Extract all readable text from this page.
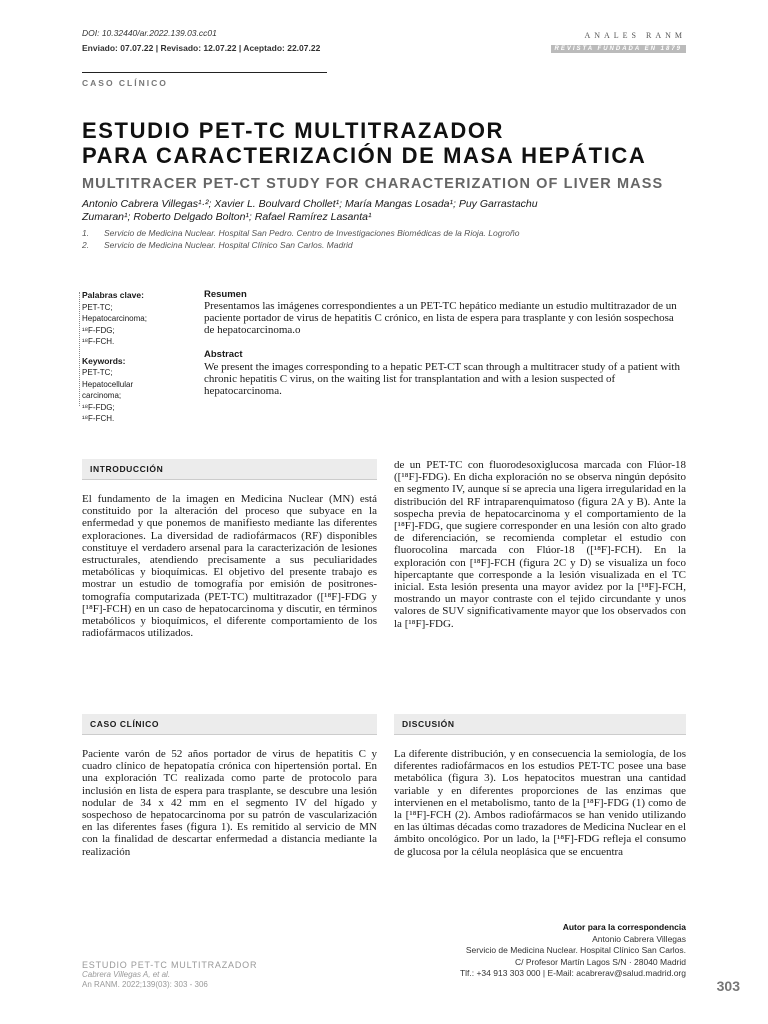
DOI: 10.32440/ar.2022.139.03.cc01
Enviado: 07.07.22 | Revisado: 12.07.22 | Aceptado: 22.07.22
ANALES RANM
REVISTA FUNDADA EN 1879
CASO CLÍNICO
ESTUDIO PET-TC MULTITRAZADOR
PARA CARACTERIZACIÓN DE MASA HEPÁTICA
MULTITRACER PET-CT STUDY FOR CHARACTERIZATION OF LIVER MASS
Antonio Cabrera Villegas¹·²; Xavier L. Boulvard Chollet¹; María Mangas Losada¹; Puy Garrastachu
Zumaran¹; Roberto Delgado Bolton¹; Rafael Ramírez Lasanta¹
1. Servicio de Medicina Nuclear. Hospital San Pedro. Centro de Investigaciones Biomédicas de la Rioja. Logroño
2. Servicio de Medicina Nuclear. Hospital Clínico San Carlos. Madrid
Palabras clave:
PET-TC;
Hepatocarcinoma;
¹⁸F-FDG;
¹⁸F-FCH.
Keywords:
PET-TC;
Hepatocellular
carcinoma;
¹⁸F-FDG;
¹⁸F-FCH.
Resumen
Presentamos las imágenes correspondientes a un PET-TC hepático mediante un estudio multitrazador de un paciente portador de virus de hepatitis C crónico, en lista de espera para trasplante y con lesión sospechosa de hepatocarcinoma.o
Abstract
We present the images corresponding to a hepatic PET-CT scan through a multitracer study of a patient with chronic hepatitis C virus, on the waiting list for transplantation and with a lesion suspected of hepatocarcinoma.
INTRODUCCIÓN
El fundamento de la imagen en Medicina Nuclear (MN) está constituido por la alteración del proceso que subyace en la enfermedad y que ponemos de manifiesto mediante las diferentes exploraciones. La diversidad de radiofármacos (RF) disponibles constituye el verdadero arsenal para la caracterización de lesiones estructurales, atendiendo precisamente a sus peculiaridades metabólicas y bioquímicas. El objetivo del presente trabajo es mostrar un estudio de tomografía por emisión de positrones-tomografía computarizada (PET-TC) multitrazador ([¹⁸F]-FDG y [¹⁸F]-FCH) en un caso de hepatocarcinoma y discutir, en términos metabólicos y bioquímicos, el diferente comportamiento de los radiofármacos utilizados.
de un PET-TC con fluorodesoxiglucosa marcada con Flúor-18 ([¹⁸F]-FDG). En dicha exploración no se observa ningún depósito en segmento IV, aunque sí se aprecia una ligera irregularidad en la distribución del RF intraparenquimatoso (figura 2A y B). Ante la sospecha previa de hepatocarcinoma y el comportamiento de la [¹⁸F]-FDG, que sugiere corresponder en una lesión con alto grado de diferenciación, se recomienda completar el estudio con fluorocolina marcada con Flúor-18 ([¹⁸F]-FCH). En la exploración con [¹⁸F]-FCH (figura 2C y D) se visualiza un foco hipercaptante que corresponde a la lesión visualizada en el TC inicial. Esta lesión presenta una mayor avidez por la [¹⁸F]-FCH, mostrando un mayor contraste con el tejido circundante y unos valores de SUV significativamente mayor que los observados con la [¹⁸F]-FDG.
CASO CLÍNICO
Paciente varón de 52 años portador de virus de hepatitis C y cuadro clínico de hepatopatía crónica con hipertensión portal. En una exploración TC realizada como parte de protocolo para inclusión en lista de espera para trasplante, se descubre una lesión nodular de 34 x 42 mm en el segmento IV del hígado y sospechoso de hepatocarcinoma por su patrón de vascularización en las diferentes fases (figura 1). Es remitido al servicio de MN con la finalidad de descartar enfermedad a distancia mediante la realización
DISCUSIÓN
La diferente distribución, y en consecuencia la semiología, de los diferentes radiofármacos en los estudios PET-TC posee una base metabólica (figura 3). Los hepatocitos muestran una cantidad variable y en diferentes proporciones de las enzimas que intervienen en el metabolismo, tanto de la [¹⁸F]-FDG (1) como de la [¹⁸F]-FCH (2). Ambos radiofármacos se han venido utilizando en las últimas décadas como trazadores de Medicina Nuclear en el ámbito oncológico. Por un lado, la [¹⁸F]-FDG refleja el consumo de glucosa por la célula neoplásica que se encuentra
Autor para la correspondencia
Antonio Cabrera Villegas
Servicio de Medicina Nuclear. Hospital Clínico San Carlos.
C/ Profesor Martín Lagos S/N · 28040 Madrid
Tlf.: +34 913 303 000 | E-Mail: acabrerav@salud.madrid.org
ESTUDIO PET-TC MULTITRAZADOR
Cabrera Villegas A, et al.
An RANM. 2022;139(03): 303 - 306	303
